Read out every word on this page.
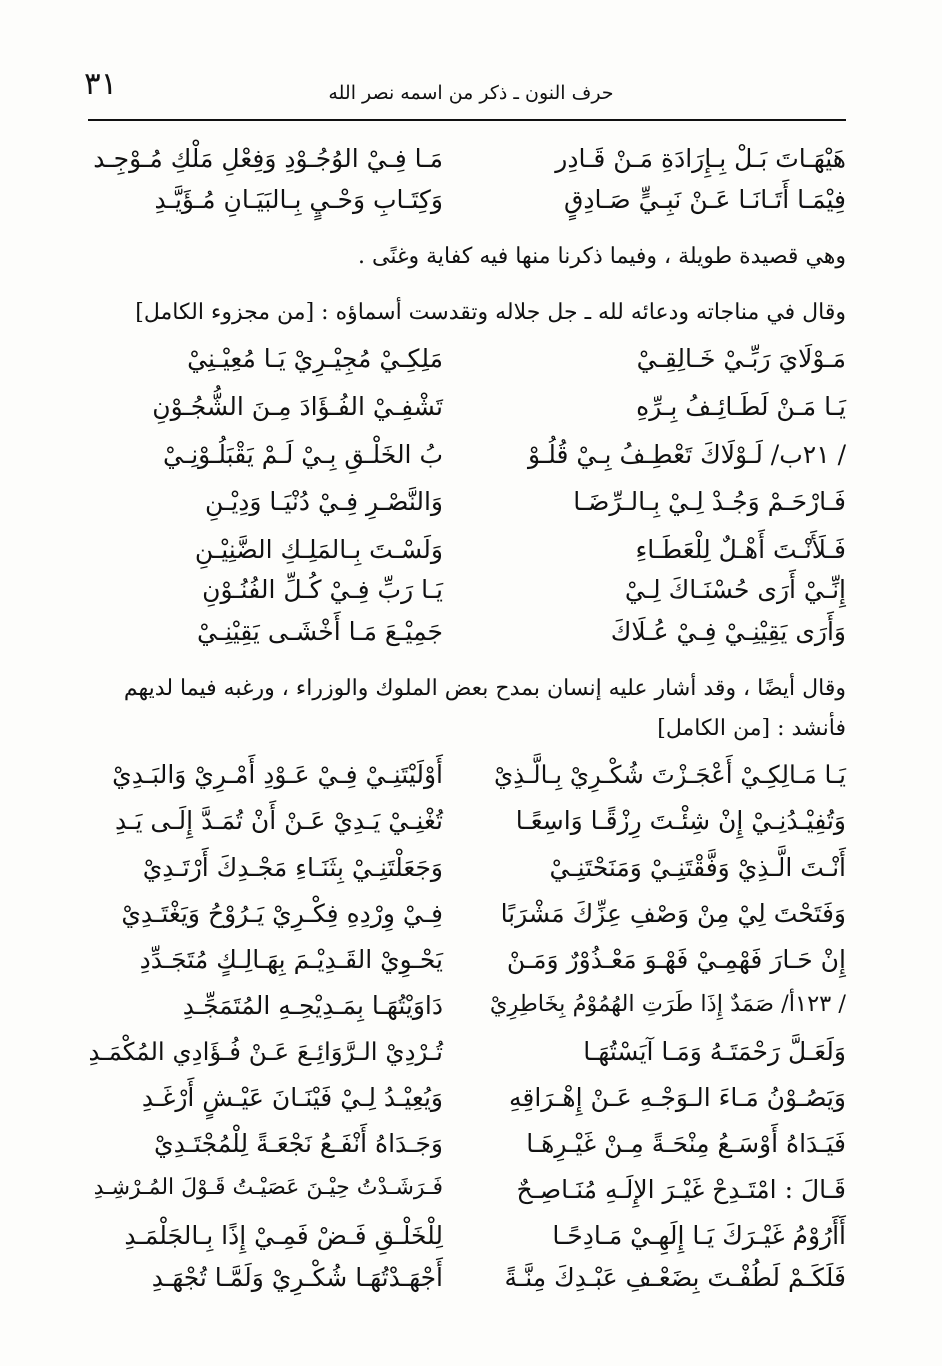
٣١	حرف النون ـ ذكر من اسمه نصر الله
هَيْهَـاتَ بَـلْ بِـإِرَادَةِ مَـنْ قَـادِر
مَـا فِـيْ الوُجُـوْدِ وَفِعْلِ مَلْكِ مُـوْجِـد
فِيْمَـا أَتَـانَـا عَـنْ نَبِـيٍّ صَـادِقٍ
وَكِتَـابِ وَحْـيٍ بِـالبَيَـانِ مُـؤَيَّـدِ
وهي قصيدة طويلة ، وفيما ذكرنا منها فيه كفاية وغنًى .
وقال في مناجاته ودعائه لله ـ جل جلاله وتقدست أسماؤه : [من مجزوء الكامل]
مَـوْلَايَ رَبِّـيْ خَـالِقِـيْ
مَلِكِـيْ مُجِيْـرِيْ يَـا مُعِيْـنِيْ
يَـا مَـنْ لَطَـائِـفُ بِـرِّهِ
تَشْفِـيْ الفُـؤَادَ مِـنَ الشُّجُـوْنِ
/ ٢١ب/ لَـوْلَاكَ تَعْطِـفُ بِـيْ قُلُـوْ
بُ الخَلْـقِ بِـيْ لَـمْ يَقْبَلُـوْنِـيْ
فَـارْحَـمْ وَجُـدْ لِـيْ بِـالـرِّضَـا
وَالنَّصْـرِ فِـيْ دُنْيَـا وَدِيْـنِ
فَـلَأَنْـتَ أَهْـلٌ لِلْعَطَـاءِ
وَلَسْـتَ بِـالمَلِـكِ الضَّنِيْـنِ
إِنِّـيْ أَرَى حُسْنَـاكَ لِـيْ
يَـا رَبِّ فِـيْ كُـلِّ الفُنُـوْنِ
وَأَرَى يَقِيْنِـيْ فِـيْ عُـلَاكَ
جَمِيْـعَ مَـا أَخْشَـى يَقِيْنِـيْ
وقال أيضًا ، وقد أشار عليه إنسان بمدح بعض الملوك والوزراء ، ورغبه فيما لديهم
فأنشد : [من الكامل]
يَـا مَـالِكِـيْ أَعْجَـزْتَ شُكْـرِيْ بِـالَّـذِيْ
أَوْلَيْتَنِـيْ فِـيْ عَـوْدِ أَمْـرِيْ وَالبَـدِيْ
وَتُفِيْـدُنِـيْ إِنْ شِئْـتَ رِزْقًـا وَاسِعًـا
تُغْنِـيْ يَـدِيْ عَـنْ أَنْ تُمَـدَّ إِلَـى يَـدِ
أَنْـتَ الَّـذِيْ وَفَّقْتَنِـيْ وَمَنَحْتَنِـيْ
وَجَعَلْتَنِـيْ بِثَنَـاءِ مَجْـدِكَ أَرْتَـدِيْ
وَفَتَحْتَ لِيْ مِنْ وَصْفِ عِزِّكَ مَشْرَبًا
فِـيْ وِرْدِهِ فِكْـرِيْ يَـرُوْحُ وَيَغْتَـدِيْ
إِنْ حَـارَ فَهْمِـيْ فَهْـوَ مَعْـذُوْرٌ وَمَـنْ
يَحْـوِيْ القَـدِيْـمَ بِهَـالِـكٍ مُتَجَـدِّدِ
/ ١٢٣أ/ صَمَدٌ إِذَا طَرَتِ الهُمُوْمُ بِخَاطِرِيْ
دَاوَيْتُهَـا بِمَـدِيْحِـهِ المُتَمَجِّـدِ
وَلَعَـلَّ رَحْمَتَـهُ وَمَـا آيَسْتُهَـا
تُـرْدِيْ الـرَّوَائِـعَ عَـنْ فُـؤَادِي المُكْمَـدِ
وَيَصُـوْنُ مَـاءَ الـوَجْـهِ عَـنْ إِهْـرَاقِهِ
وَيُعِيْـدُ لِـيْ فَيْنَـانَ عَيْـشٍ أَرْغَـدِ
فَيَـدَاهُ أَوْسَـعُ مِنْحَـةً مِـنْ غَيْـرِهَـا
وَجَـدَاهُ أَنْفَـعُ نَجْعَـةً لِلْمُجْتَـدِيْ
قَـالَ : امْتَـدِحْ غَيْـرَ الإِلَـهِ مُنَـاصِـحٌ
فَـرَشَـدْتُ حِيْـنَ عَصَيْـتُ قَـوْلَ المُـرْشِـدِ
أَأَرُوْمُ غَيْـرَكَ يَـا إِلَهِـيْ مَـادِحًـا
لِلْخَلْـقِ فَـضْ فَمِـيْ إِذًا بِـالجَلْمَـدِ
فَلَكَـمْ لَطُفْـتَ بِضَعْـفِ عَبْـدِكَ مِنَّـةً
أَجْهَـدْتُهَـا شُكْـرِيْ وَلَمَّـا تُجْهَـدِ
